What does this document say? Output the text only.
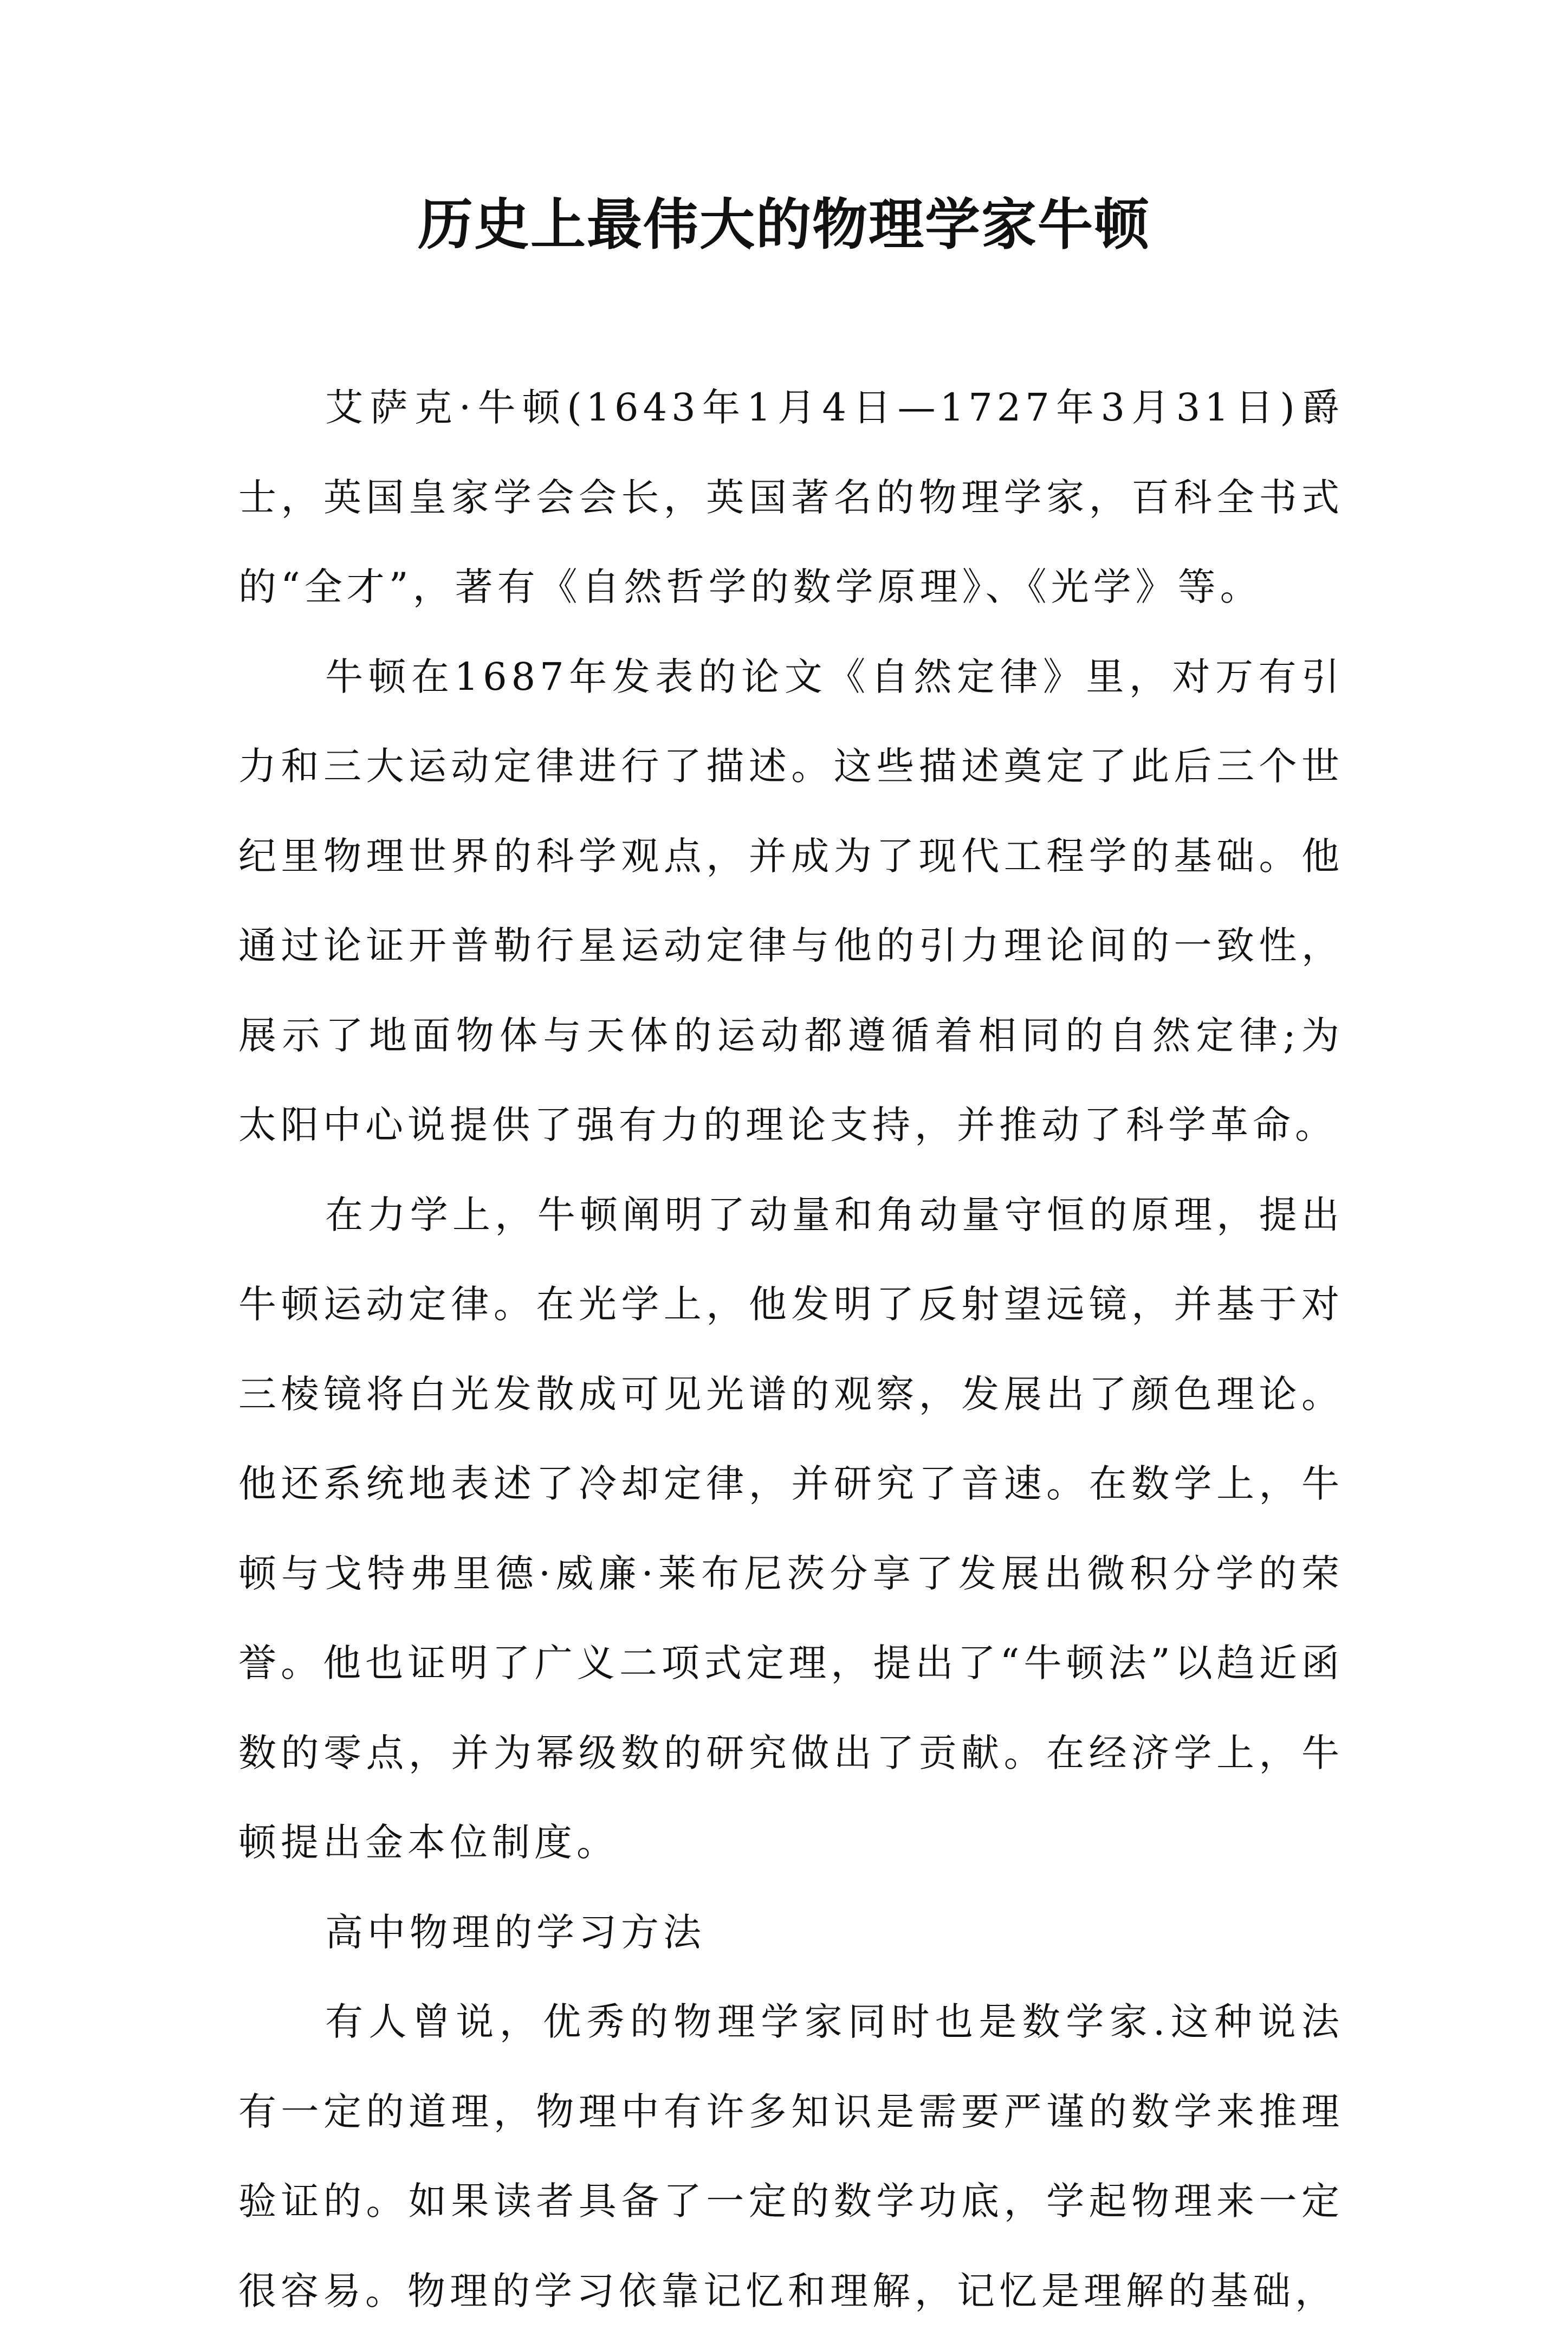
历史上最伟大的物理学家牛顿

艾萨克·牛顿(1643年1月4日—1727年3月31日)爵士，英国皇家学会会长，英国著名的物理学家，百科全书式的“全才”，著有《自然哲学的数学原理》、《光学》等。

牛顿在1687年发表的论文《自然定律》里，对万有引力和三大运动定律进行了描述。这些描述奠定了此后三个世纪里物理世界的科学观点，并成为了现代工程学的基础。他通过论证开普勒行星运动定律与他的引力理论间的一致性，展示了地面物体与天体的运动都遵循着相同的自然定律;为太阳中心说提供了强有力的理论支持，并推动了科学革命。

在力学上，牛顿阐明了动量和角动量守恒的原理，提出牛顿运动定律。在光学上，他发明了反射望远镜，并基于对三棱镜将白光发散成可见光谱的观察，发展出了颜色理论。他还系统地表述了冷却定律，并研究了音速。在数学上，牛顿与戈特弗里德·威廉·莱布尼茨分享了发展出微积分学的荣誉。他也证明了广义二项式定理，提出了“牛顿法”以趋近函数的零点，并为幂级数的研究做出了贡献。在经济学上，牛顿提出金本位制度。

高中物理的学习方法

有人曾说，优秀的物理学家同时也是数学家.这种说法有一定的道理，物理中有许多知识是需要严谨的数学来推理验证的。如果读者具备了一定的数学功底，学起物理来一定很容易。物理的学习依靠记忆和理解，记忆是理解的基础，
